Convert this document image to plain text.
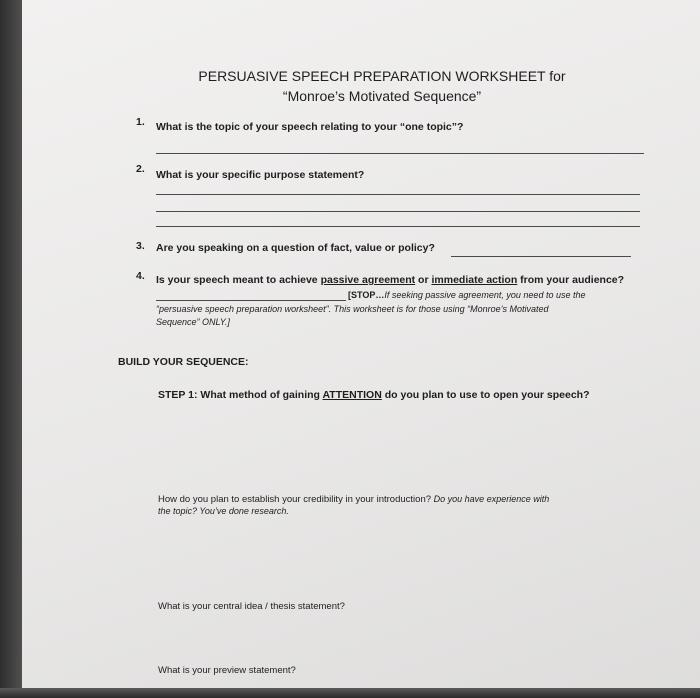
PERSUASIVE SPEECH PREPARATION WORKSHEET for
“Monroe’s Motivated Sequence”
1. What is the topic of your speech relating to your “one topic”?
2. What is your specific purpose statement?
3. Are you speaking on a question of fact, value or policy?
4. Is your speech meant to achieve passive agreement or immediate action from your audience?
[STOP…If seeking passive agreement, you need to use the
“persuasive speech preparation worksheet”. This worksheet is for those using “Monroe’s Motivated
Sequence” ONLY.]
BUILD YOUR SEQUENCE:
STEP 1: What method of gaining ATTENTION do you plan to use to open your speech?
How do you plan to establish your credibility in your introduction? Do you have experience with
the topic? You’ve done research.
What is your central idea / thesis statement?
What is your preview statement?
